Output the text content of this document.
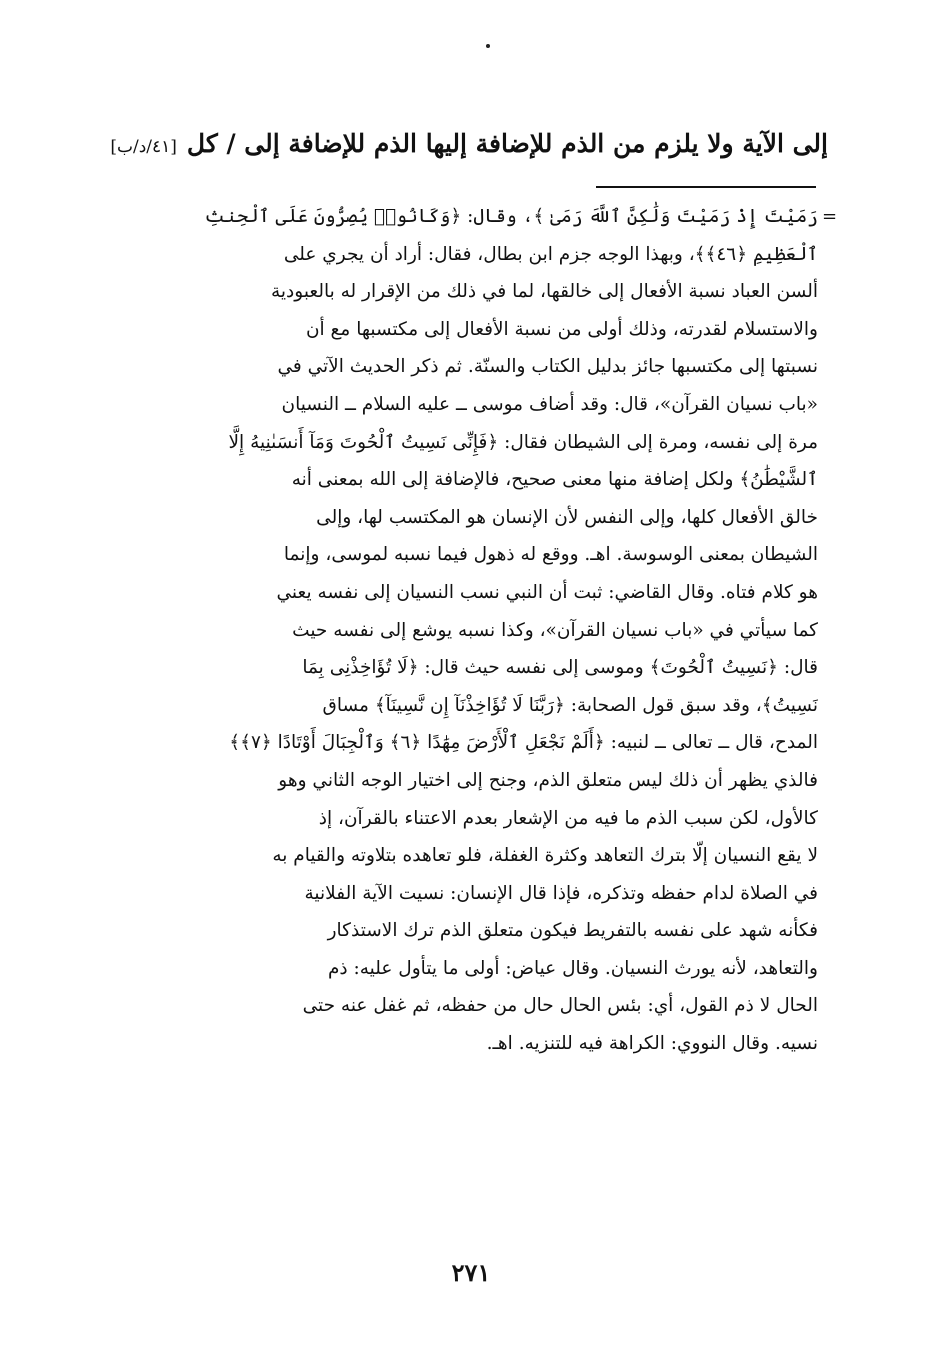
إلى الآية ولا يلزم من الذم للإضافة إليها الذم للإضافة إلى / كل[٤١/د/ب]
=
رَمَيْتَ إِذْ رَمَيْتَ وَلَٰكِنَّ ٱللَّهَ رَمَىٰ ﴾، وقال: ﴿وَكَانُوا۟ يُصِرُّونَ عَلَى ٱلْحِنثِ
ٱلْعَظِيمِ ﴿٤٦﴾﴾، وبهذا الوجه جزم ابن بطال، فقال: أراد أن يجري على
ألسن العباد نسبة الأفعال إلى خالقها، لما في ذلك من الإقرار له بالعبودية
والاستسلام لقدرته، وذلك أولى من نسبة الأفعال إلى مكتسبها مع أن
نسبتها إلى مكتسبها جائز بدليل الكتاب والسنّة. ثم ذكر الحديث الآتي في
«باب نسيان القرآن»، قال: وقد أضاف موسى ــ عليه السلام ــ النسيان
مرة إلى نفسه، ومرة إلى الشيطان فقال: ﴿فَإِنِّى نَسِيتُ ٱلْحُوتَ وَمَآ أَنسَىٰنِيهُ إِلَّا
ٱلشَّيْطَٰنُ﴾ ولكل إضافة منها معنى صحيح، فالإضافة إلى الله بمعنى أنه
خالق الأفعال كلها، وإلى النفس لأن الإنسان هو المكتسب لها، وإلى
الشيطان بمعنى الوسوسة. اهـ. ووقع له ذهول فيما نسبه لموسى، وإنما
هو كلام فتاه. وقال القاضي: ثبت أن النبي نسب النسيان إلى نفسه يعني
كما سيأتي في «باب نسيان القرآن»، وكذا نسبه يوشع إلى نفسه حيث
قال: ﴿نَسِيتُ ٱلْحُوتَ﴾ وموسى إلى نفسه حيث قال: ﴿لَا تُؤَاخِذْنِى بِمَا
نَسِيتُ﴾، وقد سبق قول الصحابة: ﴿رَبَّنَا لَا تُؤَاخِذْنَآ إِن نَّسِينَآ﴾ مساق
المدح، قال ــ تعالى ــ لنبيه: ﴿أَلَمْ نَجْعَلِ ٱلْأَرْضَ مِهَٰدًا ﴿٦﴾ وَٱلْجِبَالَ أَوْتَادًا ﴿٧﴾﴾
فالذي يظهر أن ذلك ليس متعلق الذم، وجنح إلى اختيار الوجه الثاني وهو
كالأول، لكن سبب الذم ما فيه من الإشعار بعدم الاعتناء بالقرآن، إذ
لا يقع النسيان إلّا بترك التعاهد وكثرة الغفلة، فلو تعاهده بتلاوته والقيام به
في الصلاة لدام حفظه وتذكره، فإذا قال الإنسان: نسيت الآية الفلانية
فكأنه شهد على نفسه بالتفريط فيكون متعلق الذم ترك الاستذكار
والتعاهد، لأنه يورث النسيان. وقال عياض: أولى ما يتأول عليه: ذم
الحال لا ذم القول، أي: بئس الحال حال من حفظه، ثم غفل عنه حتى
نسيه. وقال النووي: الكراهة فيه للتنزيه. اهـ.
٢٧١
